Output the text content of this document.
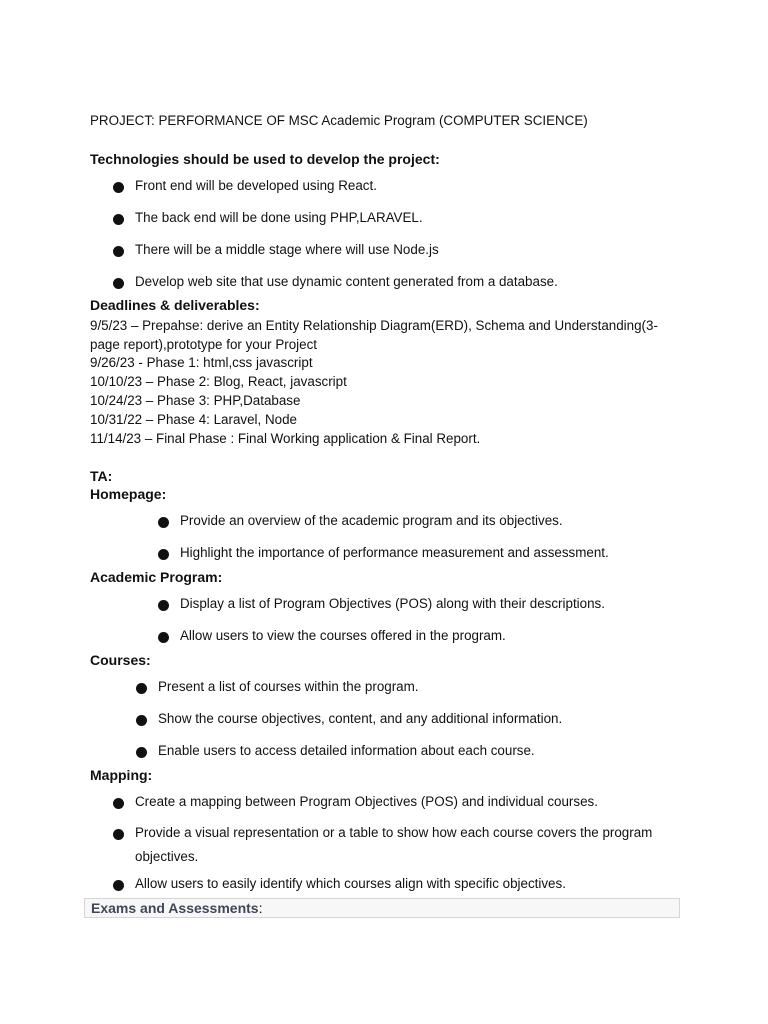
PROJECT: PERFORMANCE OF MSC Academic Program (COMPUTER SCIENCE)
Technologies should be used to develop the project:
Front end will be developed using React.
The back end will be done using PHP,LARAVEL.
There will be a middle stage where will use Node.js
Develop web site that use dynamic content generated from a database.
Deadlines & deliverables:
9/5/23 – Prepahse: derive an Entity Relationship Diagram(ERD), Schema and Understanding(3-page report),prototype for your Project
9/26/23 - Phase 1: html,css javascript
10/10/23 – Phase 2: Blog, React, javascript
10/24/23 – Phase 3: PHP,Database
10/31/22 – Phase 4: Laravel, Node
11/14/23 – Final Phase : Final Working application & Final Report.
TA:
Homepage:
Provide an overview of the academic program and its objectives.
Highlight the importance of performance measurement and assessment.
Academic Program:
Display a list of Program Objectives (POS) along with their descriptions.
Allow users to view the courses offered in the program.
Courses:
Present a list of courses within the program.
Show the course objectives, content, and any additional information.
Enable users to access detailed information about each course.
Mapping:
Create a mapping between Program Objectives (POS) and individual courses.
Provide a visual representation or a table to show how each course covers the program
objectives.
Allow users to easily identify which courses align with specific objectives.
Exams and Assessments:
